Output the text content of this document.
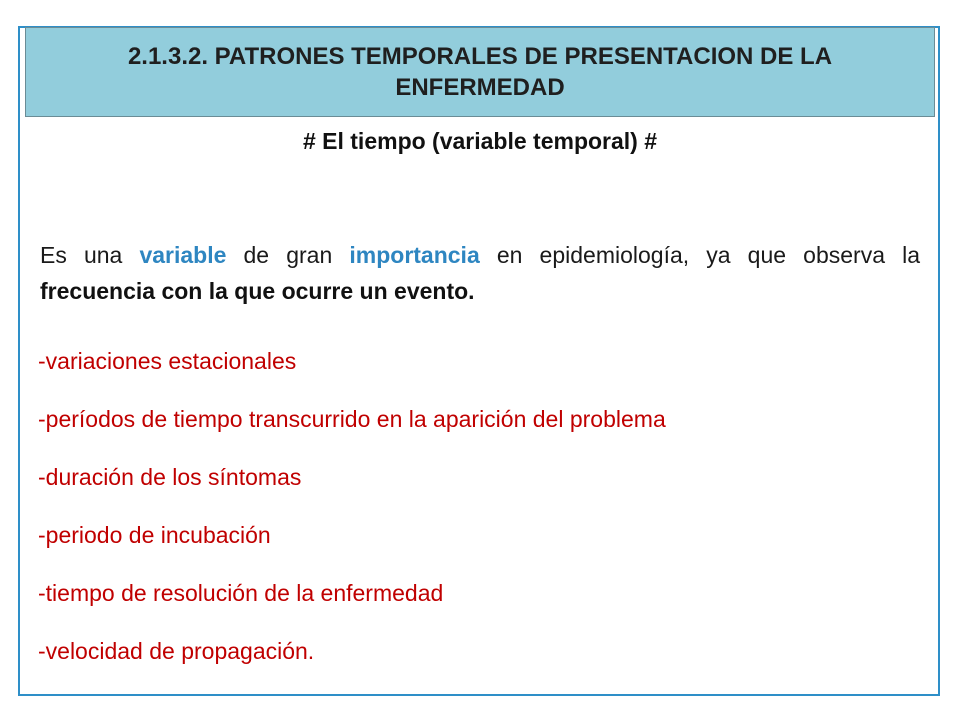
2.1.3.2. PATRONES TEMPORALES DE PRESENTACION DE LA ENFERMEDAD
# El tiempo (variable temporal) #

Es una variable de gran importancia en epidemiología, ya que observa la frecuencia con la que ocurre un evento.

-variaciones estacionales
-períodos de tiempo transcurrido en la aparición del problema
-duración de los síntomas
-periodo de incubación
-tiempo de resolución de la enfermedad
-velocidad de propagación.
